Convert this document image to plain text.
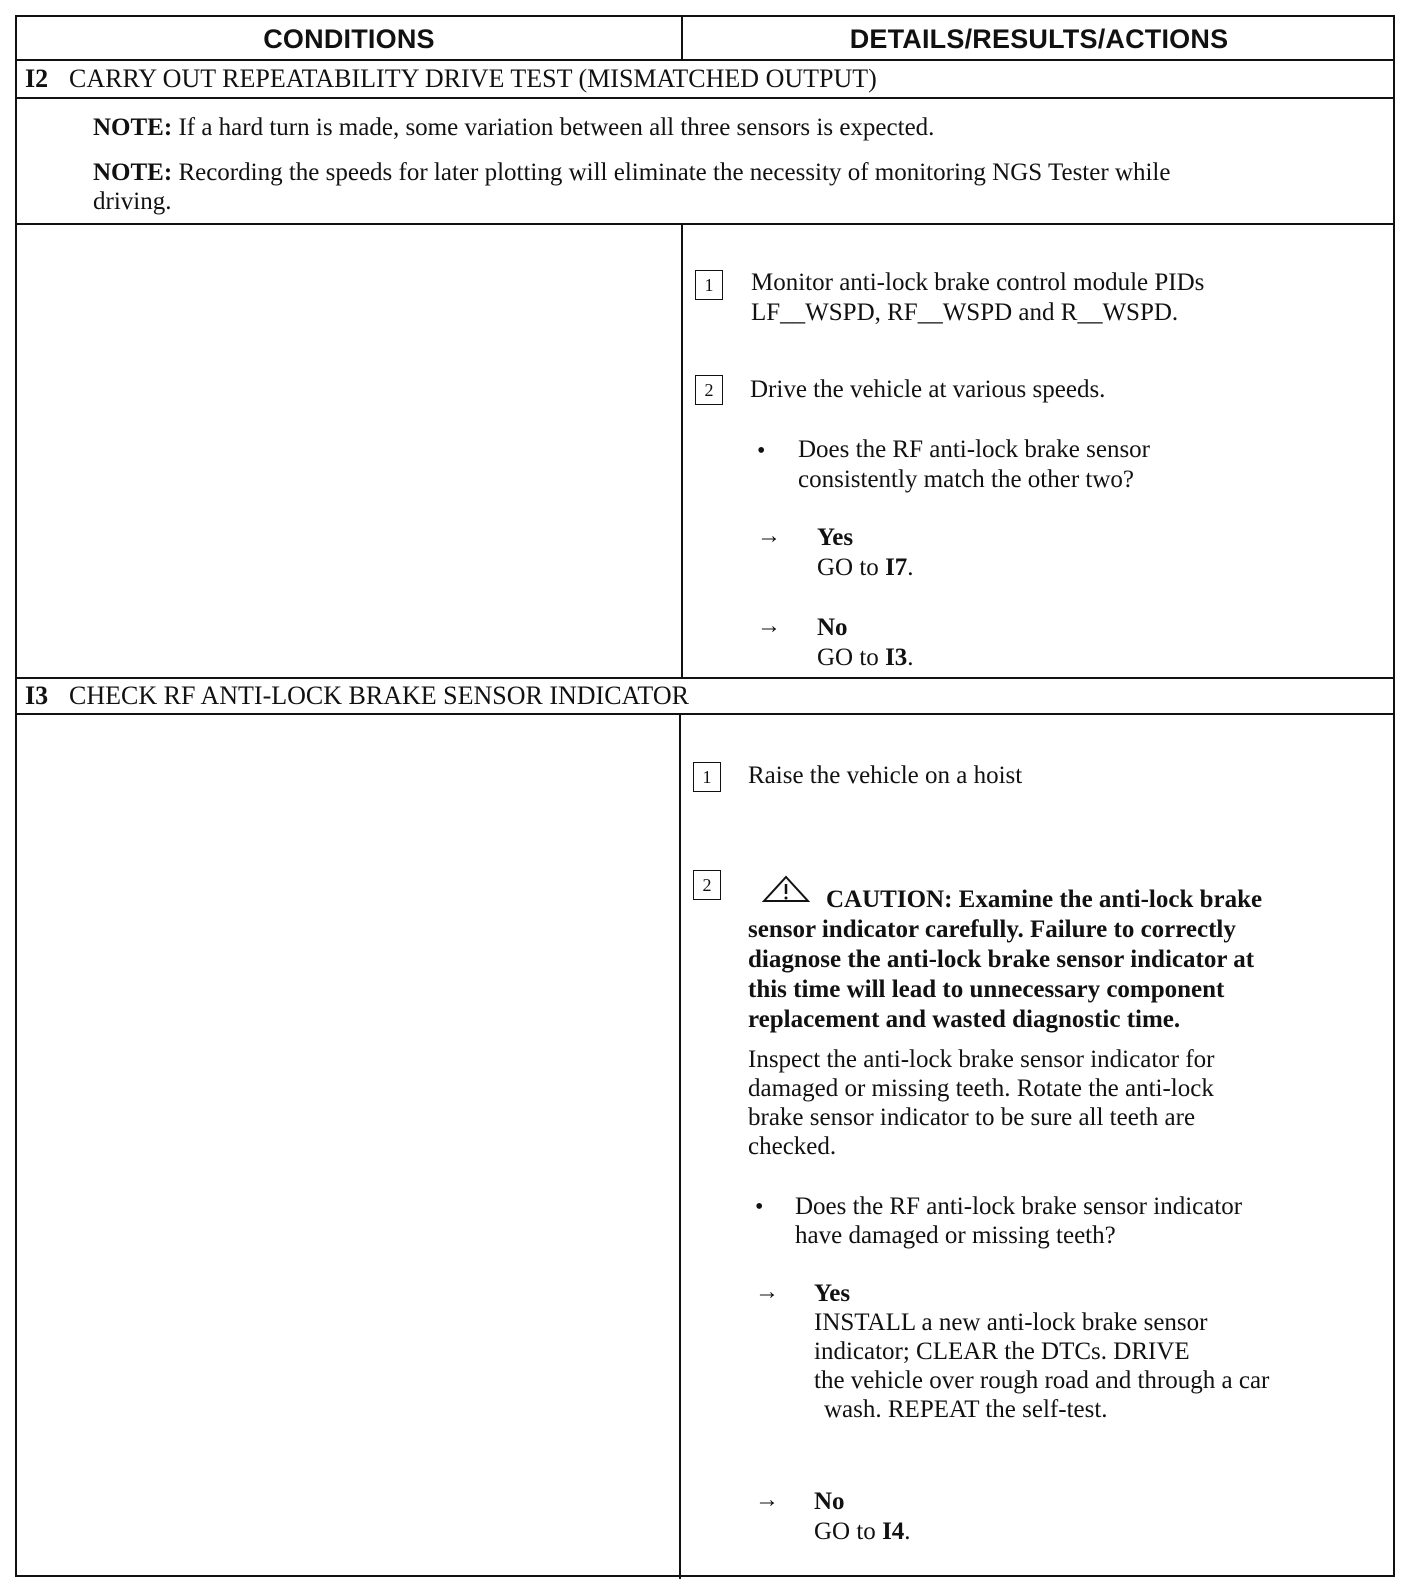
CONDITIONS	DETAILS/RESULTS/ACTIONS
I2 CARRY OUT REPEATABILITY DRIVE TEST (MISMATCHED OUTPUT)
NOTE: If a hard turn is made, some variation between all three sensors is expected.
NOTE: Recording the speeds for later plotting will eliminate the necessity of monitoring NGS Tester while
driving.
1	Monitor anti-lock brake control module PIDs
LF__WSPD, RF__WSPD and R__WSPD.
2	Drive the vehicle at various speeds.
• Does the RF anti-lock brake sensor
consistently match the other two?
→ Yes
GO to I7.
→ No
GO to I3.
I3 CHECK RF ANTI-LOCK BRAKE SENSOR INDICATOR
1	Raise the vehicle on a hoist
2
CAUTION: Examine the anti-lock brake
sensor indicator carefully. Failure to correctly
diagnose the anti-lock brake sensor indicator at
this time will lead to unnecessary component
replacement and wasted diagnostic time.
Inspect the anti-lock brake sensor indicator for
damaged or missing teeth. Rotate the anti-lock
brake sensor indicator to be sure all teeth are
checked.
• Does the RF anti-lock brake sensor indicator
have damaged or missing teeth?
→ Yes
INSTALL a new anti-lock brake sensor
indicator; CLEAR the DTCs. DRIVE
the vehicle over rough road and through a car
wash. REPEAT the self-test.
→ No
GO to I4.
